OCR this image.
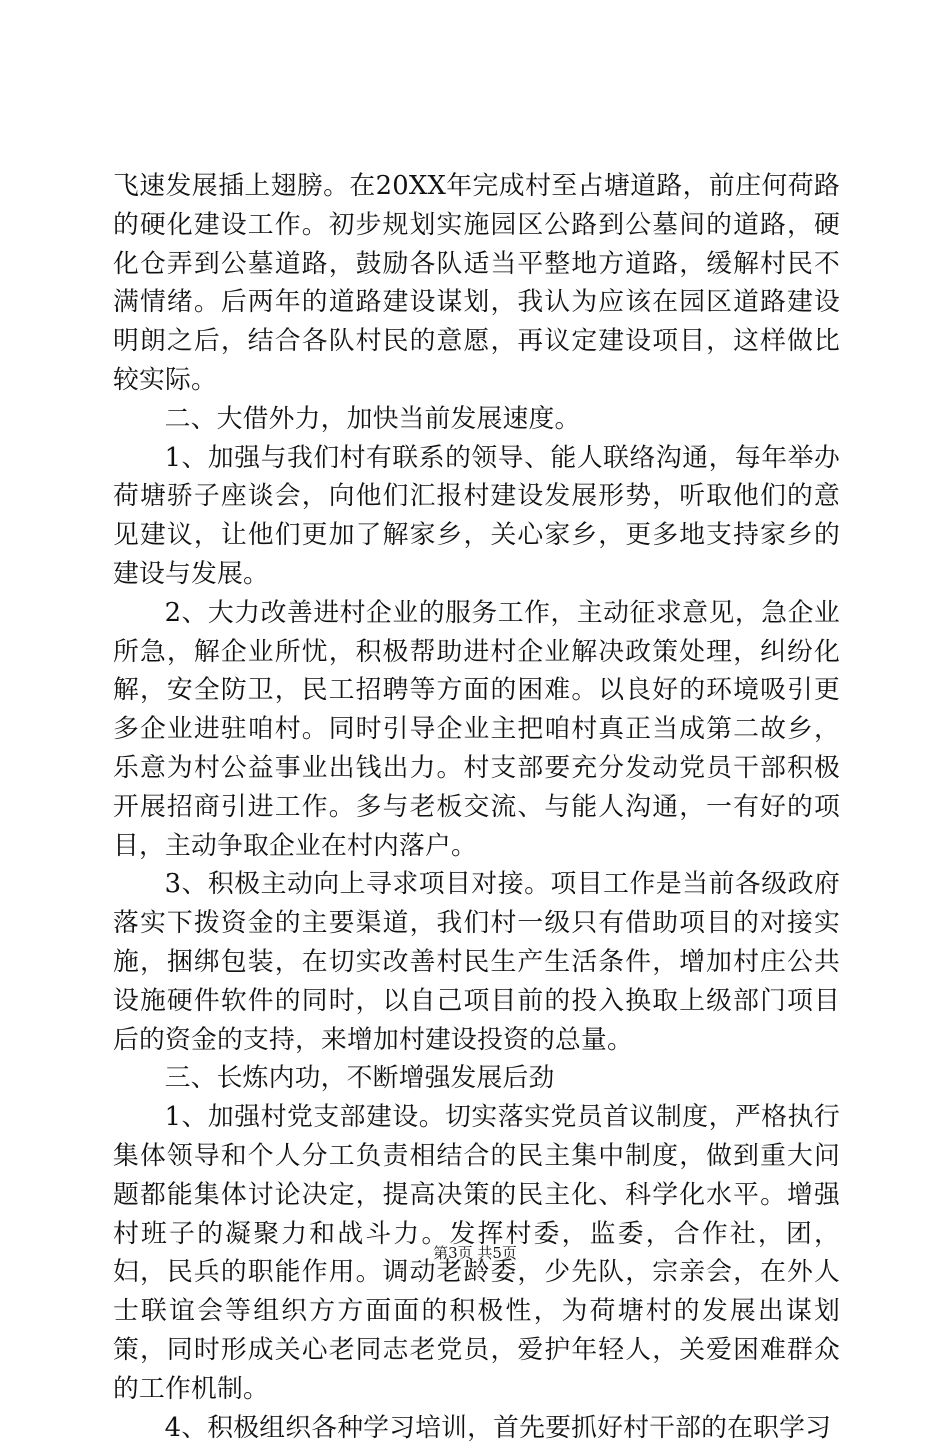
飞速发展插上翅膀。在20XX年完成村至占塘道路，前庄何荷路的硬化建设工作。初步规划实施园区公路到公墓间的道路，硬化仓弄到公墓道路，鼓励各队适当平整地方道路，缓解村民不满情绪。后两年的道路建设谋划，我认为应该在园区道路建设明朗之后，结合各队村民的意愿，再议定建设项目，这样做比较实际。

二、大借外力，加快当前发展速度。

1、加强与我们村有联系的领导、能人联络沟通，每年举办荷塘骄子座谈会，向他们汇报村建设发展形势，听取他们的意见建议，让他们更加了解家乡，关心家乡，更多地支持家乡的建设与发展。

2、大力改善进村企业的服务工作，主动征求意见，急企业所急，解企业所忧，积极帮助进村企业解决政策处理，纠纷化解，安全防卫，民工招聘等方面的困难。以良好的环境吸引更多企业进驻咱村。同时引导企业主把咱村真正当成第二故乡，乐意为村公益事业出钱出力。村支部要充分发动党员干部积极开展招商引进工作。多与老板交流、与能人沟通，一有好的项目，主动争取企业在村内落户。

3、积极主动向上寻求项目对接。项目工作是当前各级政府落实下拨资金的主要渠道，我们村一级只有借助项目的对接实施，捆绑包装，在切实改善村民生产生活条件，增加村庄公共设施硬件软件的同时，以自己项目前的投入换取上级部门项目后的资金的支持，来增加村建设投资的总量。

三、长炼内功，不断增强发展后劲

1、加强村党支部建设。切实落实党员首议制度，严格执行集体领导和个人分工负责相结合的民主集中制度，做到重大问题都能集体讨论决定，提高决策的民主化、科学化水平。增强村班子的凝聚力和战斗力。发挥村委，监委，合作社，团，妇，民兵的职能作用。调动老龄委，少先队，宗亲会，在外人士联谊会等组织方方面面的积极性，为荷塘村的发展出谋划策，同时形成关心老同志老党员，爱护年轻人，关爱困难群众的工作机制。

4、积极组织各种学习培训，首先要抓好村干部的在职学习

第3页 共5页
